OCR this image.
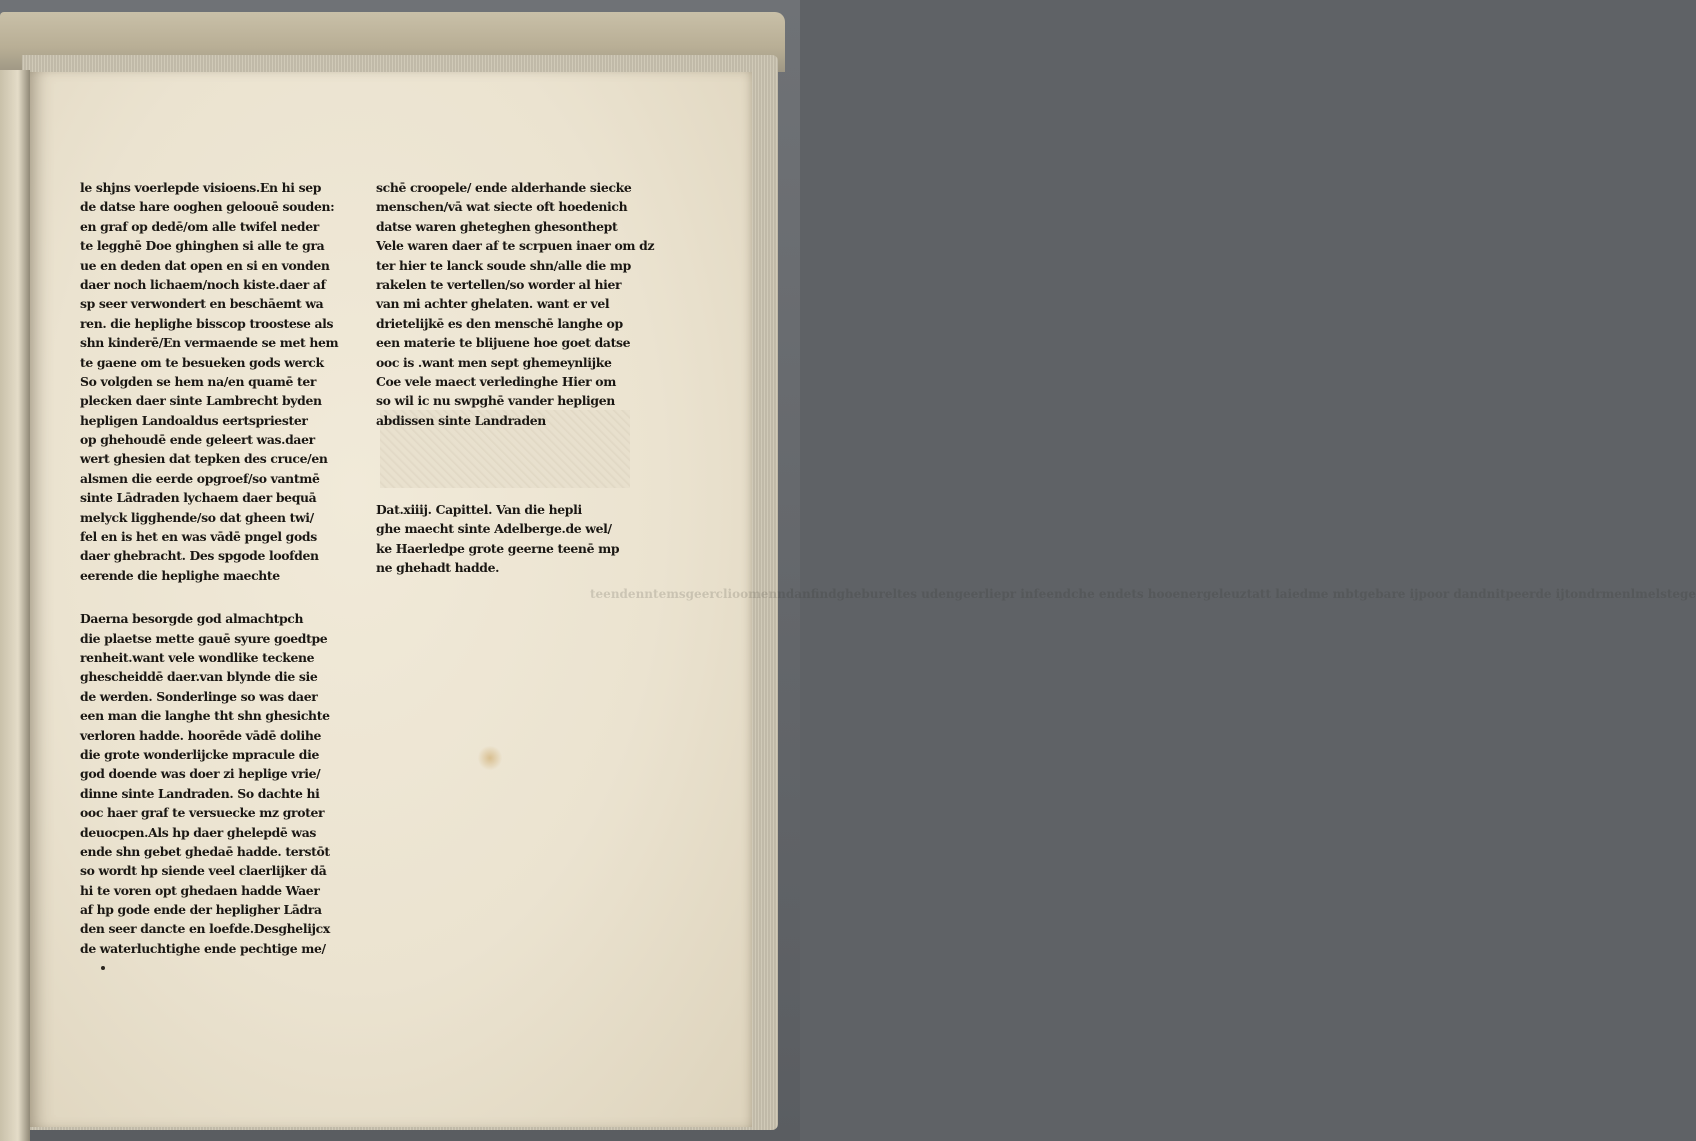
le shjns voerlepde visioens.En hi sep
de datse hare ooghen geloouē souden:
en graf op dedē/om alle twifel neder
te legghē Doe ghinghen si alle te gra
ue en deden dat open en si en vonden
daer noch lichaem/noch kiste.daer af
sp seer verwondert en beschāemt wa
ren. die heplighe bisscop troostese als
shn kinderē/En vermaende se met hem
te gaene om te besueken gods werck
So volgden se hem na/en quamē ter
plecken daer sinte Lambrecht byden
hepligen Landoaldus eertspriester
op ghehoudē ende geleert was.daer
wert ghesien dat tepken des cruce/en
alsmen die eerde opgroef/so vantmē
sinte Lādraden lychaem daer bequā
melyck ligghende/so dat gheen twi/
fel en is het en was vādē pngel gods
daer ghebracht. Des spgode loofden
eerende die heplighe maechte
Daerna besorgde god almachtpch
die plaetse mette gauē syure goedtpe
renheit.want vele wondlike teckene
ghescheiddē daer.van blynde die sie
de werden. Sonderlinge so was daer
een man die langhe tht shn ghesichte
verloren hadde. hoorēde vādē dolihe
die grote wonderlijcke mpracule die
god doende was doer zi heplige vrie/
dinne sinte Landraden. So dachte hi
ooc haer graf te versuecke mz groter
deuocpen.Als hp daer ghelepdē was
ende shn gebet ghedaē hadde. terstōt
so wordt hp siende veel claerlijker dā
hi te voren opt ghedaen hadde Waer
af hp gode ende der hepligher Lādra
den seer dancte en loefde.Desghelijcx
de waterluchtighe ende pechtige me/
schē croopele/ ende alderhande siecke
menschen/vā wat siecte oft hoedenich
datse waren gheteghen ghesonthept
Vele waren daer af te scrpuen inaer om dz
ter hier te lanck soude shn/alle die mp
rakelen te vertellen/so worder al hier
van mi achter ghelaten. want er vel
drietelijkē es den menschē langhe op
een materie te blijuene hoe goet datse
ooc is .want men sept ghemeynlijke
Coe vele maect verledinghe Hier om
so wil ic nu swpghē vander hepligen
abdissen sinte Landraden
Dat.xiiij. Capittel. Van die hepli
ghe maecht sinte Adelberge.de wel/
ke Haerledpe grote geerne teenē mp
ne ghehadt hadde.
teendenntemsgeerclioomenndanfindghebureltes udengeerliepr infeendche endets hooenergeleuztatt laiedme mbtgebare ijpoor dandnitpeerde ijtondrmenlmelstege
